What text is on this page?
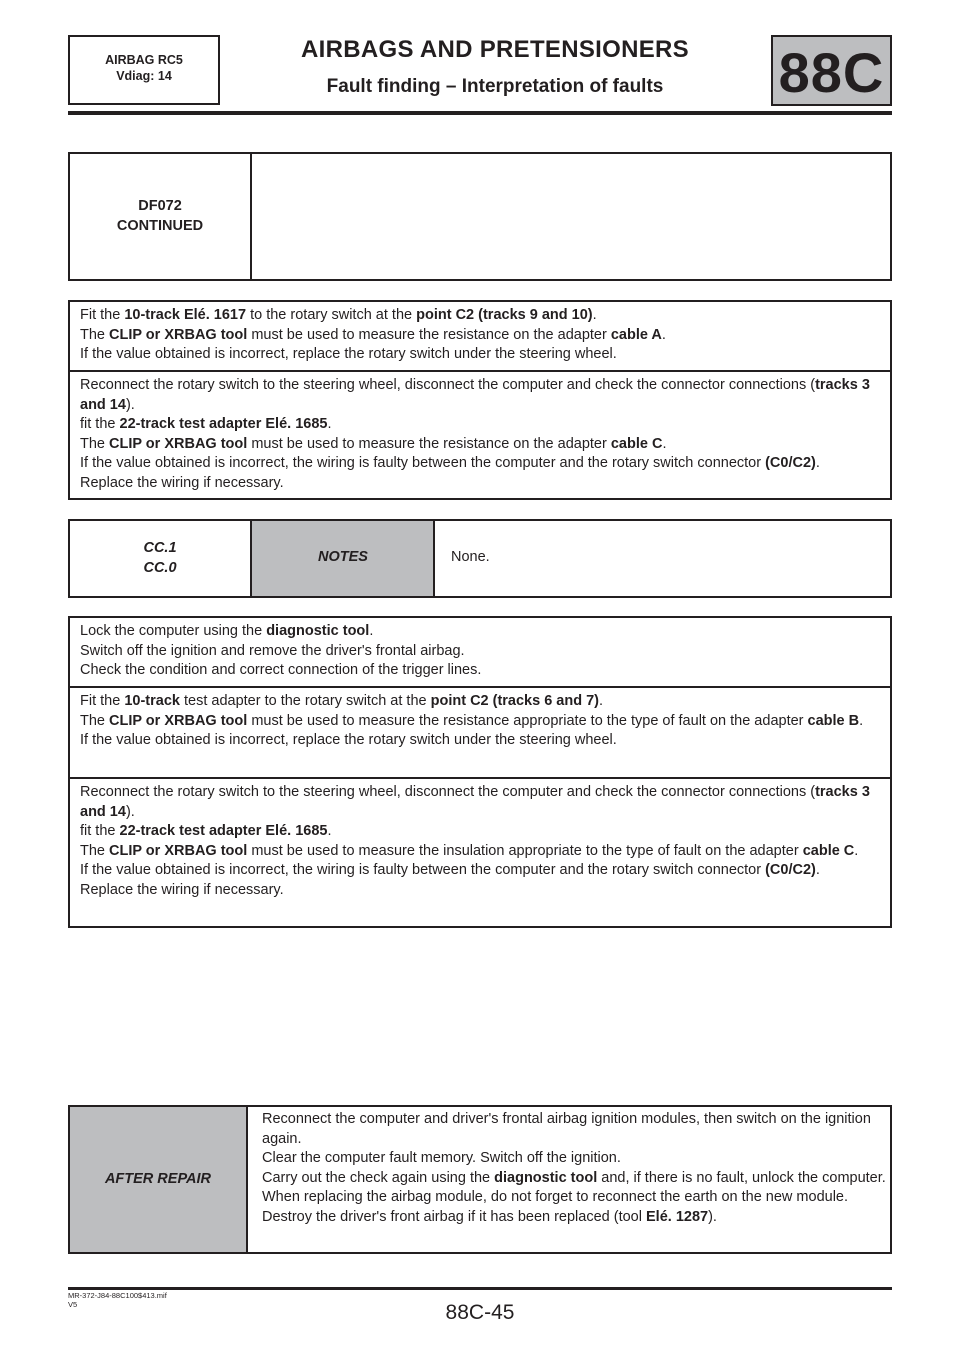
AIRBAG RC5
Vdiag: 14
AIRBAGS AND PRETENSIONERS
Fault finding – Interpretation of faults	88C
DF072
CONTINUED

Fit the 10-track Elé. 1617 to the rotary switch at the point C2 (tracks 9 and 10).

The CLIP or XRBAG tool must be used to measure the resistance on the adapter cable A.

If the value obtained is incorrect, replace the rotary switch under the steering wheel.

Reconnect the rotary switch to the steering wheel, disconnect the computer and check the connector connections (tracks 3 and 14).

fit the 22-track test adapter Elé. 1685.

The CLIP or XRBAG tool must be used to measure the resistance on the adapter cable C.

If the value obtained is incorrect, the wiring is faulty between the computer and the rotary switch connector (C0/C2).

Replace the wiring if necessary.

CC.1
CC.0
NOTES	None.

Lock the computer using the diagnostic tool.

Switch off the ignition and remove the driver's frontal airbag.

Check the condition and correct connection of the trigger lines.

Fit the 10-track test adapter to the rotary switch at the point C2 (tracks 6 and 7).

The CLIP or XRBAG tool must be used to measure the resistance appropriate to the type of fault on the adapter cable B.

If the value obtained is incorrect, replace the rotary switch under the steering wheel.

Reconnect the rotary switch to the steering wheel, disconnect the computer and check the connector connections (tracks 3 and 14).

fit the 22-track test adapter Elé. 1685.

The CLIP or XRBAG tool must be used to measure the insulation appropriate to the type of fault on the adapter cable C.

If the value obtained is incorrect, the wiring is faulty between the computer and the rotary switch connector (C0/C2).

Replace the wiring if necessary.

AFTER REPAIR
Reconnect the computer and driver's frontal airbag ignition modules, then switch on the ignition again.
Clear the computer fault memory. Switch off the ignition.
Carry out the check again using the diagnostic tool and, if there is no fault, unlock the computer. When replacing the airbag module, do not forget to reconnect the earth on the new module.
Destroy the driver's front airbag if it has been replaced (tool Elé. 1287).
MR-372-J84-88C100$413.mif
V5	88C-45
